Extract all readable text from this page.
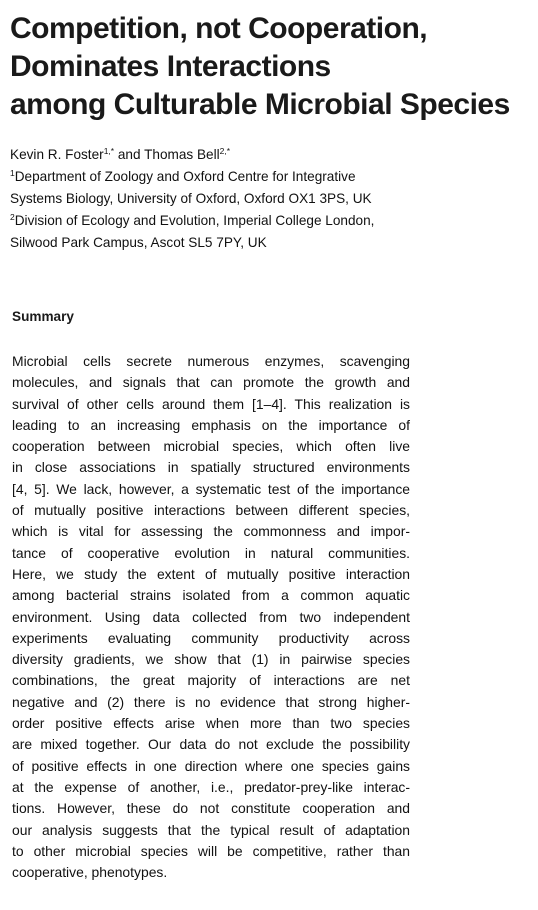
Competition, not Cooperation,
Dominates Interactions
among Culturable Microbial Species
Kevin R. Foster$^{1,*}$ and Thomas Bell$^{2,*}$
$^1$Department of Zoology and Oxford Centre for Integrative
Systems Biology, University of Oxford, Oxford OX1 3PS, UK
$^2$Division of Ecology and Evolution, Imperial College London,
Silwood Park Campus, Ascot SL5 7PY, UK
Summary
Microbial cells secrete numerous enzymes, scavenging
molecules, and signals that can promote the growth and
survival of other cells around them [1–4]. This realization is
leading to an increasing emphasis on the importance of
cooperation between microbial species, which often live
in close associations in spatially structured environments
[4, 5]. We lack, however, a systematic test of the importance
of mutually positive interactions between different species,
which is vital for assessing the commonness and impor-
tance of cooperative evolution in natural communities.
Here, we study the extent of mutually positive interaction
among bacterial strains isolated from a common aquatic
environment. Using data collected from two independent
experiments evaluating community productivity across
diversity gradients, we show that (1) in pairwise species
combinations, the great majority of interactions are net
negative and (2) there is no evidence that strong higher-
order positive effects arise when more than two species
are mixed together. Our data do not exclude the possibility
of positive effects in one direction where one species gains
at the expense of another, i.e., predator-prey-like interac-
tions. However, these do not constitute cooperation and
our analysis suggests that the typical result of adaptation
to other microbial species will be competitive, rather than
cooperative, phenotypes.
